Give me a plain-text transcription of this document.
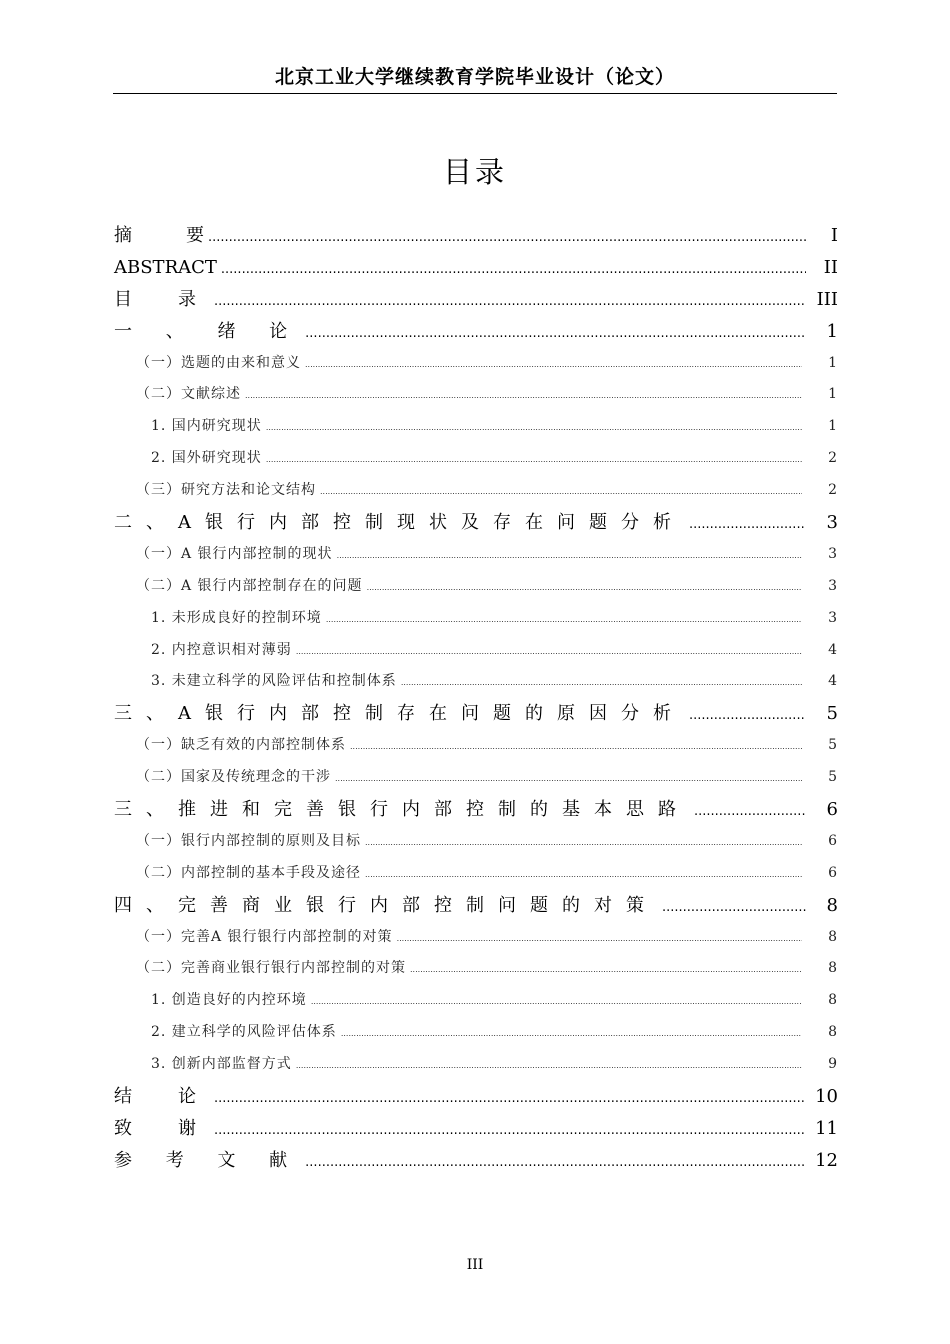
北京工业大学继续教育学院毕业设计（论文）
目录
摘　　　要 .....	I
ABSTRACT .....	II
目　录 .....	III
一 、 绪 论 .....	1
（一）选题的由来和意义 .....	1
（二）文献综述 .....	1
1. 国内研究现状 .....	1
2. 国外研究现状 .....	2
（三）研究方法和论文结构 .....	2
二、A银行内部控制现状及存在问题分析 .....	3
（一）A 银行内部控制的现状 .....	3
（二）A 银行内部控制存在的问题 .....	3
1. 未形成良好的控制环境 .....	3
2. 内控意识相对薄弱 .....	4
3. 未建立科学的风险评估和控制体系 .....	4
三、A银行内部控制存在问题的原因分析 .....	5
（一）缺乏有效的内部控制体系 .....	5
（二）国家及传统理念的干涉 .....	5
三、推进和完善银行内部控制的基本思路 .....	6
（一）银行内部控制的原则及目标 .....	6
（二）内部控制的基本手段及途径 .....	6
四、完善商业银行内部控制问题的对策 .....	8
（一）完善A 银行银行内部控制的对策 .....	8
（二）完善商业银行银行内部控制的对策 .....	8
1. 创造良好的内控环境 .....	8
2. 建立科学的风险评估体系 .....	8
3. 创新内部监督方式 .....	9
结　论 .....	10
致　谢 .....	11
参 考 文 献 .....	12
III
